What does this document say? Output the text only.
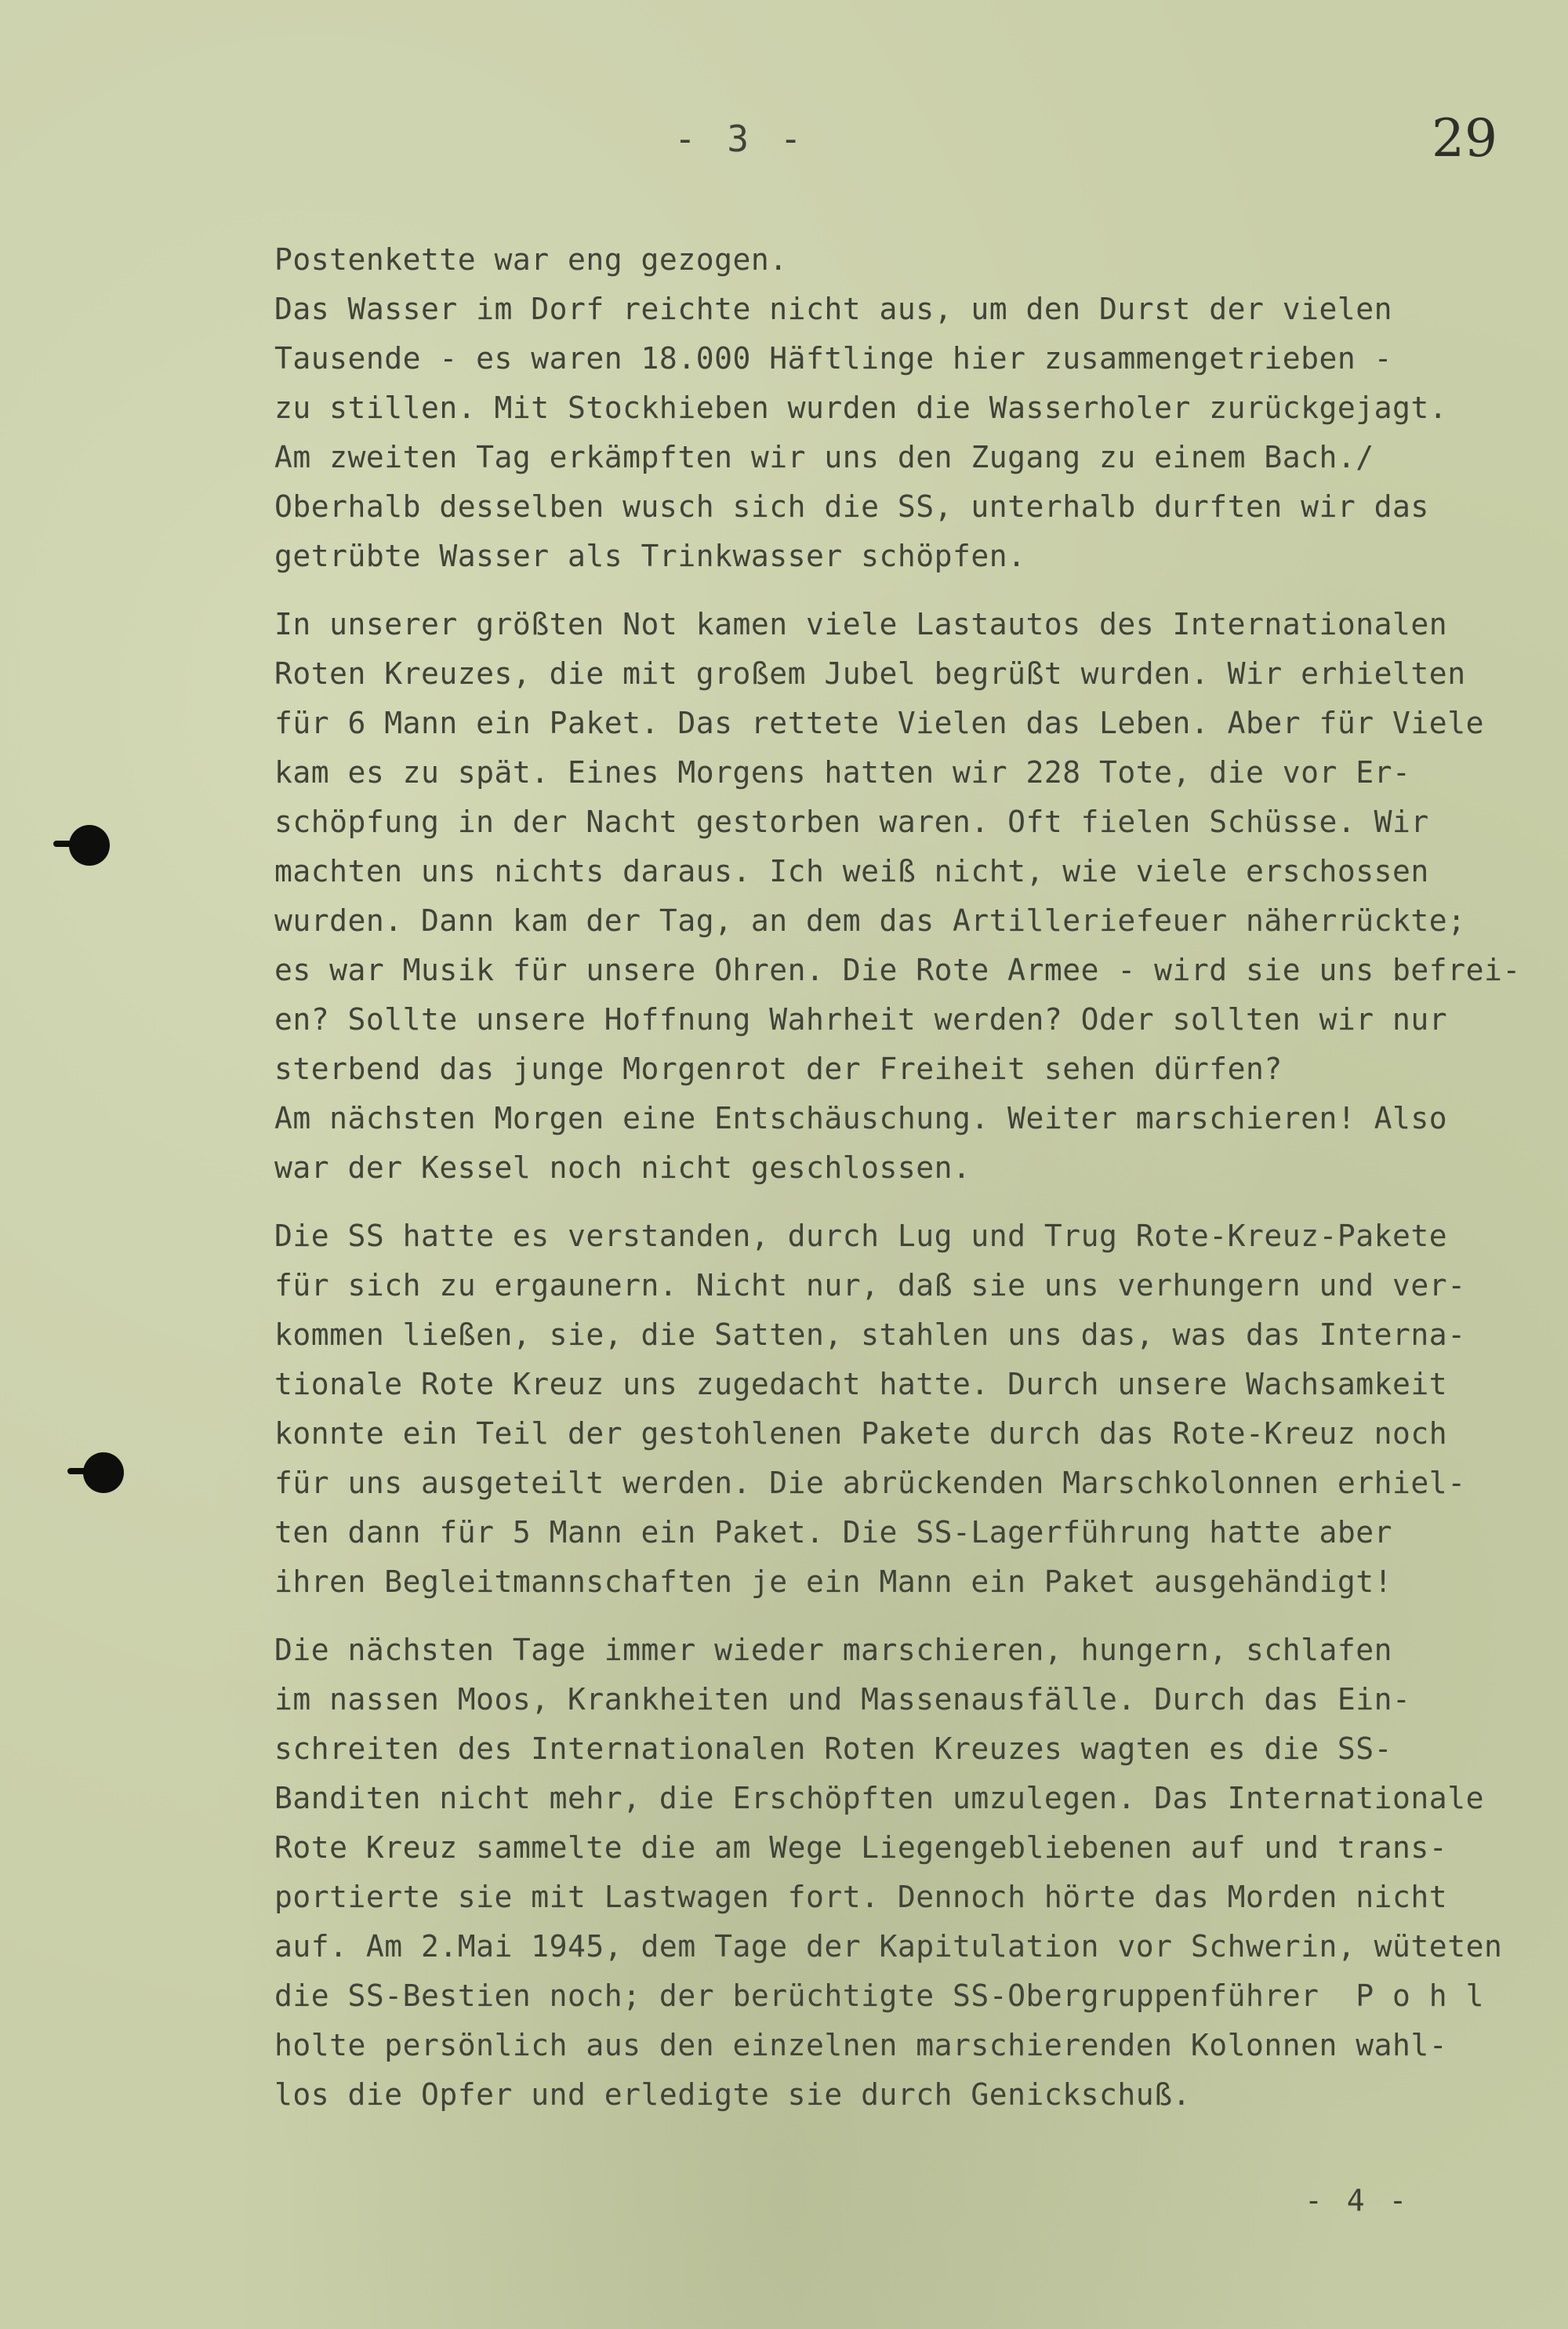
- 3 -	29
Postenkette war eng gezogen.
Das Wasser im Dorf reichte nicht aus, um den Durst der vielen
Tausende - es waren 18.000 Häftlinge hier zusammengetrieben -
zu stillen. Mit Stockhieben wurden die Wasserholer zurückgejagt.
Am zweiten Tag erkämpften wir uns den Zugang zu einem Bach./
Oberhalb desselben wusch sich die SS, unterhalb durften wir das
getrübte Wasser als Trinkwasser schöpfen.
In unserer größten Not kamen viele Lastautos des Internationalen
Roten Kreuzes, die mit großem Jubel begrüßt wurden. Wir erhielten
für 6 Mann ein Paket. Das rettete Vielen das Leben. Aber für Viele
kam es zu spät. Eines Morgens hatten wir 228 Tote, die vor Er-
schöpfung in der Nacht gestorben waren. Oft fielen Schüsse. Wir
machten uns nichts daraus. Ich weiß nicht, wie viele erschossen
wurden. Dann kam der Tag, an dem das Artilleriefeuer näherrückte;
es war Musik für unsere Ohren. Die Rote Armee - wird sie uns befrei-
en? Sollte unsere Hoffnung Wahrheit werden? Oder sollten wir nur
sterbend das junge Morgenrot der Freiheit sehen dürfen?
Am nächsten Morgen eine Entschäuschung. Weiter marschieren! Also
war der Kessel noch nicht geschlossen.
Die SS hatte es verstanden, durch Lug und Trug Rote-Kreuz-Pakete
für sich zu ergaunern. Nicht nur, daß sie uns verhungern und ver-
kommen ließen, sie, die Satten, stahlen uns das, was das Interna-
tionale Rote Kreuz uns zugedacht hatte. Durch unsere Wachsamkeit
konnte ein Teil der gestohlenen Pakete durch das Rote-Kreuz noch
für uns ausgeteilt werden. Die abrückenden Marschkolonnen erhiel-
ten dann für 5 Mann ein Paket. Die SS-Lagerführung hatte aber
ihren Begleitmannschaften je ein Mann ein Paket ausgehändigt!
Die nächsten Tage immer wieder marschieren, hungern, schlafen
im nassen Moos, Krankheiten und Massenausfälle. Durch das Ein-
schreiten des Internationalen Roten Kreuzes wagten es die SS-
Banditen nicht mehr, die Erschöpften umzulegen. Das Internationale
Rote Kreuz sammelte die am Wege Liegengebliebenen auf und trans-
portierte sie mit Lastwagen fort. Dennoch hörte das Morden nicht
auf. Am 2.Mai 1945, dem Tage der Kapitulation vor Schwerin, wüteten
die SS-Bestien noch; der berüchtigte SS-Obergruppenführer  P o h l
holte persönlich aus den einzelnen marschierenden Kolonnen wahl-
los die Opfer und erledigte sie durch Genickschuß.
- 4 -
